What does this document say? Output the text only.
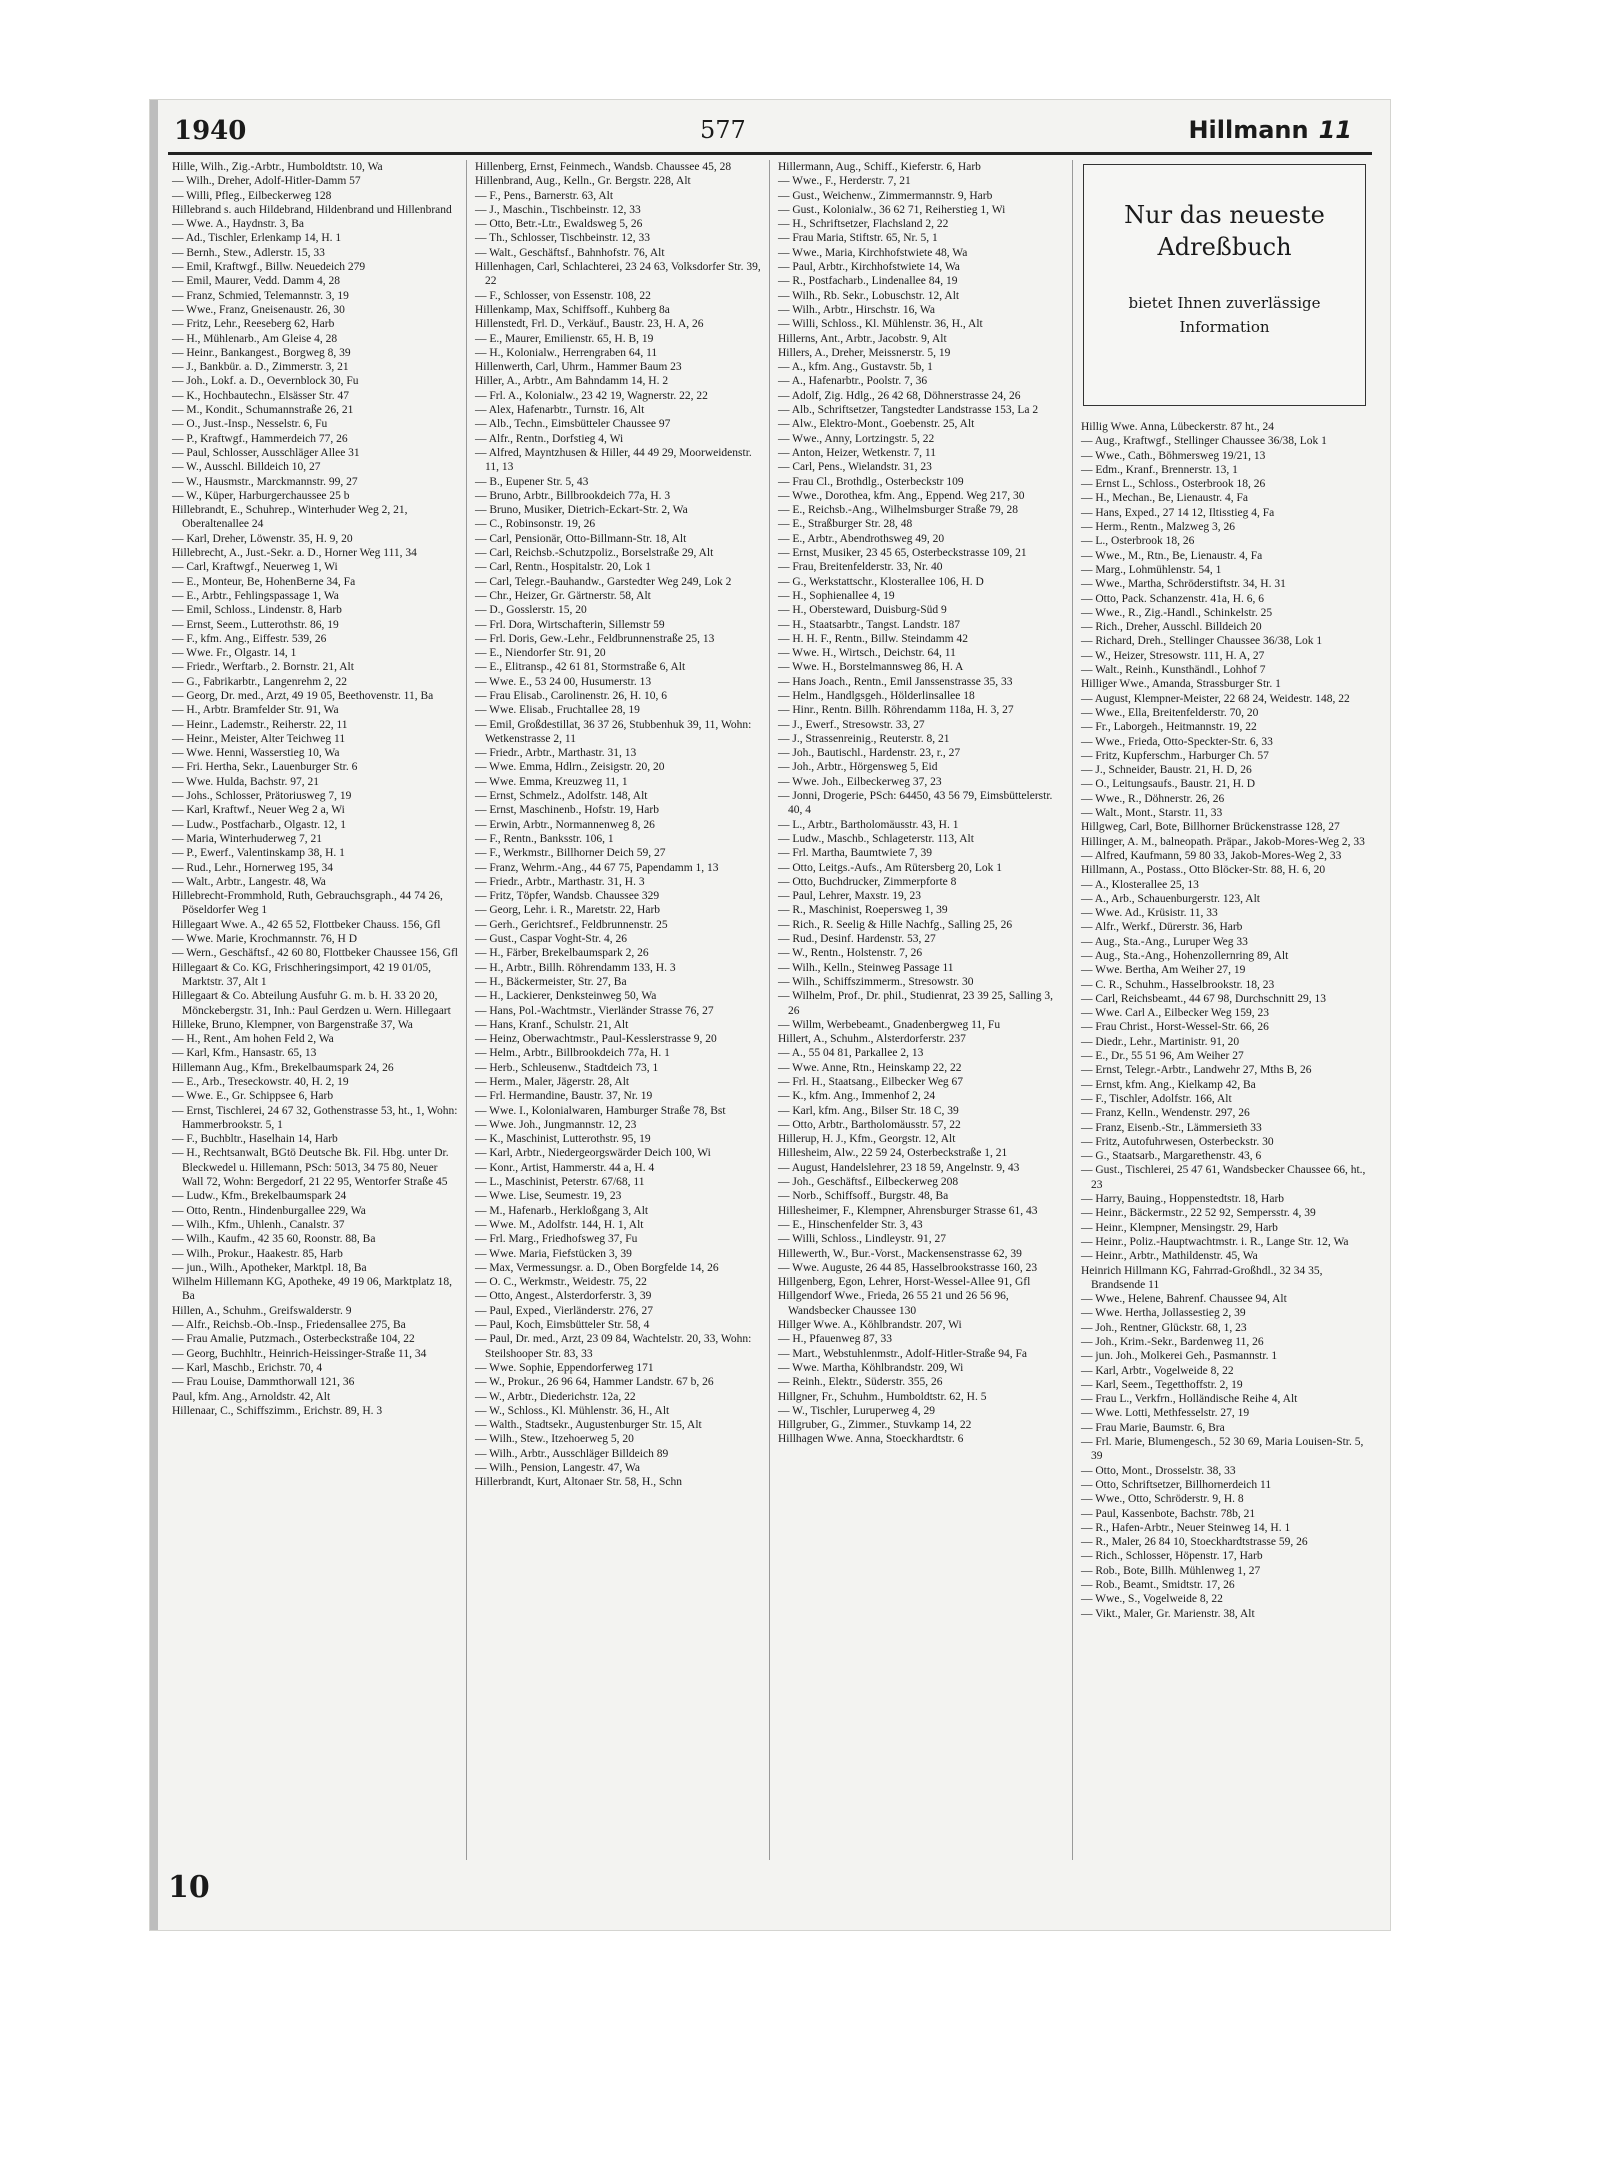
1940	577	Hillmann 11

Hille, Wilh., Zig.-Arbtr., Humboldtstr. 10, Wa

— Wilh., Dreher, Adolf-Hitler-Damm 57

— Willi, Pfleg., Eilbeckerweg 128

Hillebrand s. auch Hildebrand, Hildenbrand und Hillenbrand

— Wwe. A., Haydnstr. 3, Ba

— Ad., Tischler, Erlenkamp 14, H. 1

— Bernh., Stew., Adlerstr. 15, 33

— Emil, Kraftwgf., Billw. Neuedeich 279

— Emil, Maurer, Vedd. Damm 4, 28

— Franz, Schmied, Telemannstr. 3, 19

— Wwe., Franz, Gneisenaustr. 26, 30

— Fritz, Lehr., Reeseberg 62, Harb

— H., Mühlenarb., Am Gleise 4, 28

— Heinr., Bankangest., Borgweg 8, 39

— J., Bankbür. a. D., Zimmerstr. 3, 21

— Joh., Lokf. a. D., Oevernblock 30, Fu

— K., Hochbautechn., Elsässer Str. 47

— M., Kondit., Schumannstraße 26, 21

— O., Just.-Insp., Nesselstr. 6, Fu

— P., Kraftwgf., Hammerdeich 77, 26

— Paul, Schlosser, Ausschläger Allee 31

— W., Ausschl. Billdeich 10, 27

— W., Hausmstr., Marckmannstr. 99, 27

— W., Küper, Harburgerchaussee 25 b

Hillebrandt, E., Schuhrep., Winterhuder Weg 2, 21, Oberaltenallee 24

— Karl, Dreher, Löwenstr. 35, H. 9, 20

Hillebrecht, A., Just.-Sekr. a. D., Horner Weg 111, 34

— Carl, Kraftwgf., Neuerweg 1, Wi

— E., Monteur, Be, HohenBerne 34, Fa

— E., Arbtr., Fehlingspassage 1, Wa

— Emil, Schloss., Lindenstr. 8, Harb

— Ernst, Seem., Lutterothstr. 86, 19

— F., kfm. Ang., Eiffestr. 539, 26

— Wwe. Fr., Olgastr. 14, 1

— Friedr., Werftarb., 2. Bornstr. 21, Alt

— G., Fabrikarbtr., Langenrehm 2, 22

— Georg, Dr. med., Arzt, 49 19 05, Beethovenstr. 11, Ba

— H., Arbtr. Bramfelder Str. 91, Wa

— Heinr., Lademstr., Reiherstr. 22, 11

— Heinr., Meister, Alter Teichweg 11

— Wwe. Henni, Wasserstieg 10, Wa

— Fri. Hertha, Sekr., Lauenburger Str. 6

— Wwe. Hulda, Bachstr. 97, 21

— Johs., Schlosser, Prätoriusweg 7, 19

— Karl, Kraftwf., Neuer Weg 2 a, Wi

— Ludw., Postfacharb., Olgastr. 12, 1

— Maria, Winterhuderweg 7, 21

— P., Ewerf., Valentinskamp 38, H. 1

— Rud., Lehr., Hornerweg 195, 34

— Walt., Arbtr., Langestr. 48, Wa

Hillebrecht-Frommhold, Ruth, Gebrauchsgraph., 44 74 26, Pöseldorfer Weg 1

Hillegaart Wwe. A., 42 65 52, Flottbeker Chauss. 156, Gfl

— Wwe. Marie, Krochmannstr. 76, H D

— Wern., Geschäftsf., 42 60 80, Flottbeker Chaussee 156, Gfl

Hillegaart & Co. KG, Frischheringsimport, 42 19 01/05, Marktstr. 37, Alt 1

Hillegaart & Co. Abteilung Ausfuhr G. m. b. H. 33 20 20, Mönckebergstr. 31, Inh.: Paul Gerdzen u. Wern. Hillegaart

Hilleke, Bruno, Klempner, von Bargenstraße 37, Wa

— H., Rent., Am hohen Feld 2, Wa

— Karl, Kfm., Hansastr. 65, 13

Hillemann Aug., Kfm., Brekelbaumspark 24, 26

— E., Arb., Treseckowstr. 40, H. 2, 19

— Wwe. E., Gr. Schippsee 6, Harb

— Ernst, Tischlerei, 24 67 32, Gothenstrasse 53, ht., 1, Wohn: Hammerbrookstr. 5, 1

— F., Buchbltr., Haselhain 14, Harb

— H., Rechtsanwalt, BGtö Deutsche Bk. Fil. Hbg. unter Dr. Bleckwedel u. Hillemann, PSch: 5013, 34 75 80, Neuer Wall 72, Wohn: Bergedorf, 21 22 95, Wentorfer Straße 45

— Ludw., Kfm., Brekelbaumspark 24

— Otto, Rentn., Hindenburgallee 229, Wa

— Wilh., Kfm., Uhlenh., Canalstr. 37

— Wilh., Kaufm., 42 35 60, Roonstr. 88, Ba

— Wilh., Prokur., Haakestr. 85, Harb

— jun., Wilh., Apotheker, Marktpl. 18, Ba

Wilhelm Hillemann KG, Apotheke, 49 19 06, Marktplatz 18, Ba

Hillen, A., Schuhm., Greifswalderstr. 9

— Alfr., Reichsb.-Ob.-Insp., Friedensallee 275, Ba

— Frau Amalie, Putzmach., Osterbeckstraße 104, 22

— Georg, Buchhltr., Heinrich-Heissinger-Straße 11, 34

— Karl, Maschb., Erichstr. 70, 4

— Frau Louise, Dammthorwall 121, 36

Paul, kfm. Ang., Arnoldstr. 42, Alt

Hillenaar, C., Schiffszimm., Erichstr. 89, H. 3

Hillenberg, Ernst, Feinmech., Wandsb. Chaussee 45, 28

Hillenbrand, Aug., Kelln., Gr. Bergstr. 228, Alt

— F., Pens., Barnerstr. 63, Alt

— J., Maschin., Tischbeinstr. 12, 33

— Otto, Betr.-Ltr., Ewaldsweg 5, 26

— Th., Schlosser, Tischbeinstr. 12, 33

— Walt., Geschäftsf., Bahnhofstr. 76, Alt

Hillenhagen, Carl, Schlachterei, 23 24 63, Volksdorfer Str. 39, 22

— F., Schlosser, von Essenstr. 108, 22

Hillenkamp, Max, Schiffsoff., Kuhberg 8a

Hillenstedt, Frl. D., Verkäuf., Baustr. 23, H. A, 26

— E., Maurer, Emilienstr. 65, H. B, 19

— H., Kolonialw., Herrengraben 64, 11

Hillenwerth, Carl, Uhrm., Hammer Baum 23

Hiller, A., Arbtr., Am Bahndamm 14, H. 2

— Frl. A., Kolonialw., 23 42 19, Wagnerstr. 22, 22

— Alex, Hafenarbtr., Turnstr. 16, Alt

— Alb., Techn., Eimsbütteler Chaussee 97

— Alfr., Rentn., Dorfstieg 4, Wi

— Alfred, Mayntzhusen & Hiller, 44 49 29, Moorweidenstr. 11, 13

— B., Eupener Str. 5, 43

— Bruno, Arbtr., Billbrookdeich 77a, H. 3

— Bruno, Musiker, Dietrich-Eckart-Str. 2, Wa

— C., Robinsonstr. 19, 26

— Carl, Pensionär, Otto-Billmann-Str. 18, Alt

— Carl, Reichsb.-Schutzpoliz., Borselstraße 29, Alt

— Carl, Rentn., Hospitalstr. 20, Lok 1

— Carl, Telegr.-Bauhandw., Garstedter Weg 249, Lok 2

— Chr., Heizer, Gr. Gärtnerstr. 58, Alt

— D., Gosslerstr. 15, 20

— Frl. Dora, Wirtschafterin, Sillemstr 59

— Frl. Doris, Gew.-Lehr., Feldbrunnenstraße 25, 13

— E., Niendorfer Str. 91, 20

— E., Elitransp., 42 61 81, Stormstraße 6, Alt

— Wwe. E., 53 24 00, Husumerstr. 13

— Frau Elisab., Carolinenstr. 26, H. 10, 6

— Wwe. Elisab., Fruchtallee 28, 19

— Emil, Großdestillat, 36 37 26, Stubbenhuk 39, 11, Wohn: Wetkenstrasse 2, 11

— Friedr., Arbtr., Marthastr. 31, 13

— Wwe. Emma, Hdlrn., Zeisigstr. 20, 20

— Wwe. Emma, Kreuzweg 11, 1

— Ernst, Schmelz., Adolfstr. 148, Alt

— Ernst, Maschinenb., Hofstr. 19, Harb

— Erwin, Arbtr., Normannenweg 8, 26

— F., Rentn., Banksstr. 106, 1

— F., Werkmstr., Billhorner Deich 59, 27

— Franz, Wehrm.-Ang., 44 67 75, Papendamm 1, 13

— Friedr., Arbtr., Marthastr. 31, H. 3

— Fritz, Töpfer, Wandsb. Chaussee 329

— Georg, Lehr. i. R., Maretstr. 22, Harb

— Gerh., Gerichtsref., Feldbrunnenstr. 25

— Gust., Caspar Voght-Str. 4, 26

— H., Färber, Brekelbaumspark 2, 26

— H., Arbtr., Billh. Röhrendamm 133, H. 3

— H., Bäckermeister, Str. 27, Ba

— H., Lackierer, Denksteinweg 50, Wa

— Hans, Pol.-Wachtmstr., Vierländer Strasse 76, 27

— Hans, Kranf., Schulstr. 21, Alt

— Heinz, Oberwachtmstr., Paul-Kesslerstrasse 9, 20

— Helm., Arbtr., Billbrookdeich 77a, H. 1

— Herb., Schleusenw., Stadtdeich 73, 1

— Herm., Maler, Jägerstr. 28, Alt

— Frl. Hermandine, Baustr. 37, Nr. 19

— Wwe. I., Kolonialwaren, Hamburger Straße 78, Bst

— Wwe. Joh., Jungmannstr. 12, 23

— K., Maschinist, Lutterothstr. 95, 19

— Karl, Arbtr., Niedergeorgswärder Deich 100, Wi

— Konr., Artist, Hammerstr. 44 a, H. 4

— L., Maschinist, Peterstr. 67/68, 11

— Wwe. Lise, Seumestr. 19, 23

— M., Hafenarb., Herkloßgang 3, Alt

— Wwe. M., Adolfstr. 144, H. 1, Alt

— Frl. Marg., Friedhofsweg 37, Fu

— Wwe. Maria, Fiefstücken 3, 39

— Max, Vermessungsr. a. D., Oben Borgfelde 14, 26

— O. C., Werkmstr., Weidestr. 75, 22

— Otto, Angest., Alsterdorferstr. 3, 39

— Paul, Exped., Vierländerstr. 276, 27

— Paul, Koch, Eimsbütteler Str. 58, 4

— Paul, Dr. med., Arzt, 23 09 84, Wachtelstr. 20, 33, Wohn: Steilshooper Str. 83, 33

— Wwe. Sophie, Eppendorferweg 171

— W., Prokur., 26 96 64, Hammer Landstr. 67 b, 26

— W., Arbtr., Diederichstr. 12a, 22

— W., Schloss., Kl. Mühlenstr. 36, H., Alt

— Walth., Stadtsekr., Augustenburger Str. 15, Alt

— Wilh., Stew., Itzehoerweg 5, 20

— Wilh., Arbtr., Ausschläger Billdeich 89

— Wilh., Pension, Langestr. 47, Wa

Hillerbrandt, Kurt, Altonaer Str. 58, H., Schn

Hillermann, Aug., Schiff., Kieferstr. 6, Harb

— Wwe., F., Herderstr. 7, 21

— Gust., Weichenw., Zimmermannstr. 9, Harb

— Gust., Kolonialw., 36 62 71, Reiherstieg 1, Wi

— H., Schriftsetzer, Flachsland 2, 22

— Frau Maria, Stiftstr. 65, Nr. 5, 1

— Wwe., Maria, Kirchhofstwiete 48, Wa

— Paul, Arbtr., Kirchhofstwiete 14, Wa

— R., Postfacharb., Lindenallee 84, 19

— Wilh., Rb. Sekr., Lobuschstr. 12, Alt

— Wilh., Arbtr., Hirschstr. 16, Wa

— Willi, Schloss., Kl. Mühlenstr. 36, H., Alt

Hillerns, Ant., Arbtr., Jacobstr. 9, Alt

Hillers, A., Dreher, Meissnerstr. 5, 19

— A., kfm. Ang., Gustavstr. 5b, 1

— A., Hafenarbtr., Poolstr. 7, 36

— Adolf, Zig. Hdlg., 26 42 68, Döhnerstrasse 24, 26

— Alb., Schriftsetzer, Tangstedter Landstrasse 153, La 2

— Alw., Elektro-Mont., Goebenstr. 25, Alt

— Wwe., Anny, Lortzingstr. 5, 22

— Anton, Heizer, Wetkenstr. 7, 11

— Carl, Pens., Wielandstr. 31, 23

— Frau Cl., Brothdlg., Osterbeckstr 109

— Wwe., Dorothea, kfm. Ang., Eppend. Weg 217, 30

— E., Reichsb.-Ang., Wilhelmsburger Straße 79, 28

— E., Straßburger Str. 28, 48

— E., Arbtr., Abendrothsweg 49, 20

— Ernst, Musiker, 23 45 65, Osterbeckstrasse 109, 21

— Frau, Breitenfelderstr. 33, Nr. 40

— G., Werkstattschr., Klosterallee 106, H. D

— H., Sophienallee 4, 19

— H., Obersteward, Duisburg-Süd 9

— H., Staatsarbtr., Tangst. Landstr. 187

— H. H. F., Rentn., Billw. Steindamm 42

— Wwe. H., Wirtsch., Deichstr. 64, 11

— Wwe. H., Borstelmannsweg 86, H. A

— Hans Joach., Rentn., Emil Janssenstrasse 35, 33

— Helm., Handlgsgeh., Hölderlinsallee 18

— Hinr., Rentn. Billh. Röhrendamm 118a, H. 3, 27

— J., Ewerf., Stresowstr. 33, 27

— J., Strassenreinig., Reuterstr. 8, 21

— Joh., Bautischl., Hardenstr. 23, r., 27

— Joh., Arbtr., Hörgensweg 5, Eid

— Wwe. Joh., Eilbeckerweg 37, 23

— Jonni, Drogerie, PSch: 64450, 43 56 79, Eimsbüttelerstr. 40, 4

— L., Arbtr., Bartholomäusstr. 43, H. 1

— Ludw., Maschb., Schlageterstr. 113, Alt

— Frl. Martha, Baumtwiete 7, 39

— Otto, Leitgs.-Aufs., Am Rütersberg 20, Lok 1

— Otto, Buchdrucker, Zimmerpforte 8

— Paul, Lehrer, Maxstr. 19, 23

— R., Maschinist, Roepersweg 1, 39

— Rich., R. Seelig & Hille Nachfg., Salling 25, 26

— Rud., Desinf. Hardenstr. 53, 27

— W., Rentn., Holstenstr. 7, 26

— Wilh., Kelln., Steinweg Passage 11

— Wilh., Schiffszimmerm., Stresowstr. 30

— Wilhelm, Prof., Dr. phil., Studienrat, 23 39 25, Salling 3, 26

— Willm, Werbebeamt., Gnadenbergweg 11, Fu

Hillert, A., Schuhm., Alsterdorferstr. 237

— A., 55 04 81, Parkallee 2, 13

— Wwe. Anne, Rtn., Heinskamp 22, 22

— Frl. H., Staatsang., Eilbecker Weg 67

— K., kfm. Ang., Immenhof 2, 24

— Karl, kfm. Ang., Bilser Str. 18 C, 39

— Otto, Arbtr., Bartholomäusstr. 57, 22

Hillerup, H. J., Kfm., Georgstr. 12, Alt

Hillesheim, Alw., 22 59 24, Osterbeckstraße 1, 21

— August, Handelslehrer, 23 18 59, Angelnstr. 9, 43

— Joh., Geschäftsf., Eilbeckerweg 208

— Norb., Schiffsoff., Burgstr. 48, Ba

Hillesheimer, F., Klempner, Ahrensburger Strasse 61, 43

— E., Hinschenfelder Str. 3, 43

— Willi, Schloss., Lindleystr. 91, 27

Hillewerth, W., Bur.-Vorst., Mackensenstrasse 62, 39

— Wwe. Auguste, 26 44 85, Hasselbrookstrasse 160, 23

Hillgenberg, Egon, Lehrer, Horst-Wessel-Allee 91, Gfl

Hillgendorf Wwe., Frieda, 26 55 21 und 26 56 96, Wandsbecker Chaussee 130

Hillger Wwe. A., Köhlbrandstr. 207, Wi

— H., Pfauenweg 87, 33

— Mart., Webstuhlenmstr., Adolf-Hitler-Straße 94, Fa

— Wwe. Martha, Köhlbrandstr. 209, Wi

— Reinh., Elektr., Süderstr. 355, 26

Hillgner, Fr., Schuhm., Humboldtstr. 62, H. 5

— W., Tischler, Luruperweg 4, 29

Hillgruber, G., Zimmer., Stuvkamp 14, 22

Hillhagen Wwe. Anna, Stoeckhardtstr. 6

Nur das neueste Adreßbuch
bietet Ihnen zuverlässige Information

Hillig Wwe. Anna, Lübeckerstr. 87 ht., 24

— Aug., Kraftwgf., Stellinger Chaussee 36/38, Lok 1

— Wwe., Cath., Böhmersweg 19/21, 13

— Edm., Kranf., Brennerstr. 13, 1

— Ernst L., Schloss., Osterbrook 18, 26

— H., Mechan., Be, Lienaustr. 4, Fa

— Hans, Exped., 27 14 12, Iltisstieg 4, Fa

— Herm., Rentn., Malzweg 3, 26

— L., Osterbrook 18, 26

— Wwe., M., Rtn., Be, Lienaustr. 4, Fa

— Marg., Lohmühlenstr. 54, 1

— Wwe., Martha, Schröderstiftstr. 34, H. 31

— Otto, Pack. Schanzenstr. 41a, H. 6, 6

— Wwe., R., Zig.-Handl., Schinkelstr. 25

— Rich., Dreher, Ausschl. Billdeich 20

— Richard, Dreh., Stellinger Chaussee 36/38, Lok 1

— W., Heizer, Stresowstr. 111, H. A, 27

— Walt., Reinh., Kunsthändl., Lohhof 7

Hilliger Wwe., Amanda, Strassburger Str. 1

— August, Klempner-Meister, 22 68 24, Weidestr. 148, 22

— Wwe., Ella, Breitenfelderstr. 70, 20

— Fr., Laborgeh., Heitmannstr. 19, 22

— Wwe., Frieda, Otto-Speckter-Str. 6, 33

— Fritz, Kupferschm., Harburger Ch. 57

— J., Schneider, Baustr. 21, H. D, 26

— O., Leitungsaufs., Baustr. 21, H. D

— Wwe., R., Döhnerstr. 26, 26

— Walt., Mont., Starstr. 11, 33

Hillgweg, Carl, Bote, Billhorner Brückenstrasse 128, 27

Hillinger, A. M., balneopath. Präpar., Jakob-Mores-Weg 2, 33

— Alfred, Kaufmann, 59 80 33, Jakob-Mores-Weg 2, 33

Hillmann, A., Postass., Otto Blöcker-Str. 88, H. 6, 20

— A., Klosterallee 25, 13

— A., Arb., Schauenburgerstr. 123, Alt

— Wwe. Ad., Krüsistr. 11, 33

— Alfr., Werkf., Dürerstr. 36, Harb

— Aug., Sta.-Ang., Luruper Weg 33

— Aug., Sta.-Ang., Hohenzollernring 89, Alt

— Wwe. Bertha, Am Weiher 27, 19

— C. R., Schuhm., Hasselbrookstr. 18, 23

— Carl, Reichsbeamt., 44 67 98, Durchschnitt 29, 13

— Wwe. Carl A., Eilbecker Weg 159, 23

— Frau Christ., Horst-Wessel-Str. 66, 26

— Diedr., Lehr., Martinistr. 91, 20

— E., Dr., 55 51 96, Am Weiher 27

— Ernst, Telegr.-Arbtr., Landwehr 27, Mths B, 26

— Ernst, kfm. Ang., Kielkamp 42, Ba

— F., Tischler, Adolfstr. 166, Alt

— Franz, Kelln., Wendenstr. 297, 26

— Franz, Eisenb.-Str., Lämmersieth 33

— Fritz, Autofuhrwesen, Osterbeckstr. 30

— G., Staatsarb., Margarethenstr. 43, 6

— Gust., Tischlerei, 25 47 61, Wandsbecker Chaussee 66, ht., 23

— Harry, Bauing., Hoppenstedtstr. 18, Harb

— Heinr., Bäckermstr., 22 52 92, Sempersstr. 4, 39

— Heinr., Klempner, Mensingstr. 29, Harb

— Heinr., Poliz.-Hauptwachtmstr. i. R., Lange Str. 12, Wa

— Heinr., Arbtr., Mathildenstr. 45, Wa

Heinrich Hillmann KG, Fahrrad-Großhdl., 32 34 35, Brandsende 11

— Wwe., Helene, Bahrenf. Chaussee 94, Alt

— Wwe. Hertha, Jollassestieg 2, 39

— Joh., Rentner, Glückstr. 68, 1, 23

— Joh., Krim.-Sekr., Bardenweg 11, 26

— jun. Joh., Molkerei Geh., Pasmannstr. 1

— Karl, Arbtr., Vogelweide 8, 22

— Karl, Seem., Tegetthoffstr. 2, 19

— Frau L., Verkfrn., Holländische Reihe 4, Alt

— Wwe. Lotti, Methfesselstr. 27, 19

— Frau Marie, Baumstr. 6, Bra

— Frl. Marie, Blumengesch., 52 30 69, Maria Louisen-Str. 5, 39

— Otto, Mont., Drosselstr. 38, 33

— Otto, Schriftsetzer, Billhornerdeich 11

— Wwe., Otto, Schröderstr. 9, H. 8

— Paul, Kassenbote, Bachstr. 78b, 21

— R., Hafen-Arbtr., Neuer Steinweg 14, H. 1

— R., Maler, 26 84 10, Stoeckhardtstrasse 59, 26

— Rich., Schlosser, Höpenstr. 17, Harb

— Rob., Bote, Billh. Mühlenweg 1, 27

— Rob., Beamt., Smidtstr. 17, 26

— Wwe., S., Vogelweide 8, 22

— Vikt., Maler, Gr. Marienstr. 38, Alt

10
